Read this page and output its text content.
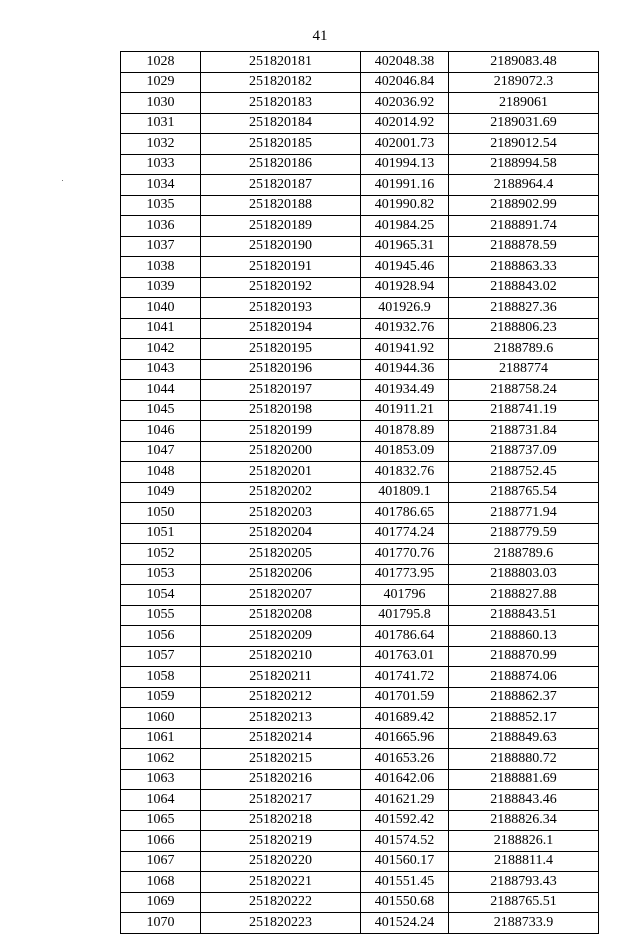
41
1028	251820181	402048.38	2189083.48
1029	251820182	402046.84	2189072.3
1030	251820183	402036.92	2189061
1031	251820184	402014.92	2189031.69
1032	251820185	402001.73	2189012.54
1033	251820186	401994.13	2188994.58
1034	251820187	401991.16	2188964.4
1035	251820188	401990.82	2188902.99
1036	251820189	401984.25	2188891.74
1037	251820190	401965.31	2188878.59
1038	251820191	401945.46	2188863.33
1039	251820192	401928.94	2188843.02
1040	251820193	401926.9	2188827.36
1041	251820194	401932.76	2188806.23
1042	251820195	401941.92	2188789.6
1043	251820196	401944.36	2188774
1044	251820197	401934.49	2188758.24
1045	251820198	401911.21	2188741.19
1046	251820199	401878.89	2188731.84
1047	251820200	401853.09	2188737.09
1048	251820201	401832.76	2188752.45
1049	251820202	401809.1	2188765.54
1050	251820203	401786.65	2188771.94
1051	251820204	401774.24	2188779.59
1052	251820205	401770.76	2188789.6
1053	251820206	401773.95	2188803.03
1054	251820207	401796	2188827.88
1055	251820208	401795.8	2188843.51
1056	251820209	401786.64	2188860.13
1057	251820210	401763.01	2188870.99
1058	251820211	401741.72	2188874.06
1059	251820212	401701.59	2188862.37
1060	251820213	401689.42	2188852.17
1061	251820214	401665.96	2188849.63
1062	251820215	401653.26	2188880.72
1063	251820216	401642.06	2188881.69
1064	251820217	401621.29	2188843.46
1065	251820218	401592.42	2188826.34
1066	251820219	401574.52	2188826.1
1067	251820220	401560.17	2188811.4
1068	251820221	401551.45	2188793.43
1069	251820222	401550.68	2188765.51
1070	251820223	401524.24	2188733.9
